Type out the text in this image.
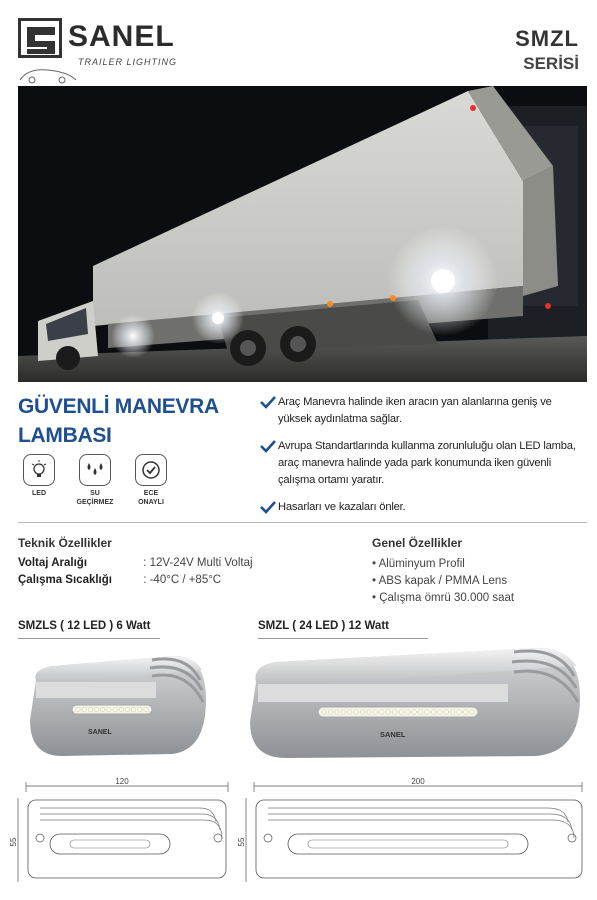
SANEL
TRAILER LIGHTING
SMZL
SERİSİ
GÜVENLİ MANEVRA LAMBASI
LED	SU GEÇİRMEZ
ECE ONAYLI
Araç Manevra halinde iken aracın yan alanlarına geniş ve yüksek aydınlatma sağlar.
Avrupa Standartlarında kullanma zorunluluğu olan LED lamba, araç manevra halinde yada park konumunda iken güvenli çalışma ortamı yaratır.
Hasarları ve kazaları önler.
Teknik Özellikler
Voltaj Aralığı	: 12V-24V Multi Voltaj
Çalışma Sıcaklığı	: -40°C / +85°C
Genel Özellikler
• Alüminyum Profil
• ABS kapak / PMMA Lens
• Çalışma ömrü 30.000 saat
SMZLS ( 12 LED ) 6 Watt	SMZL ( 24 LED ) 12 Watt
SANEL	SANEL
120
55
200
55
